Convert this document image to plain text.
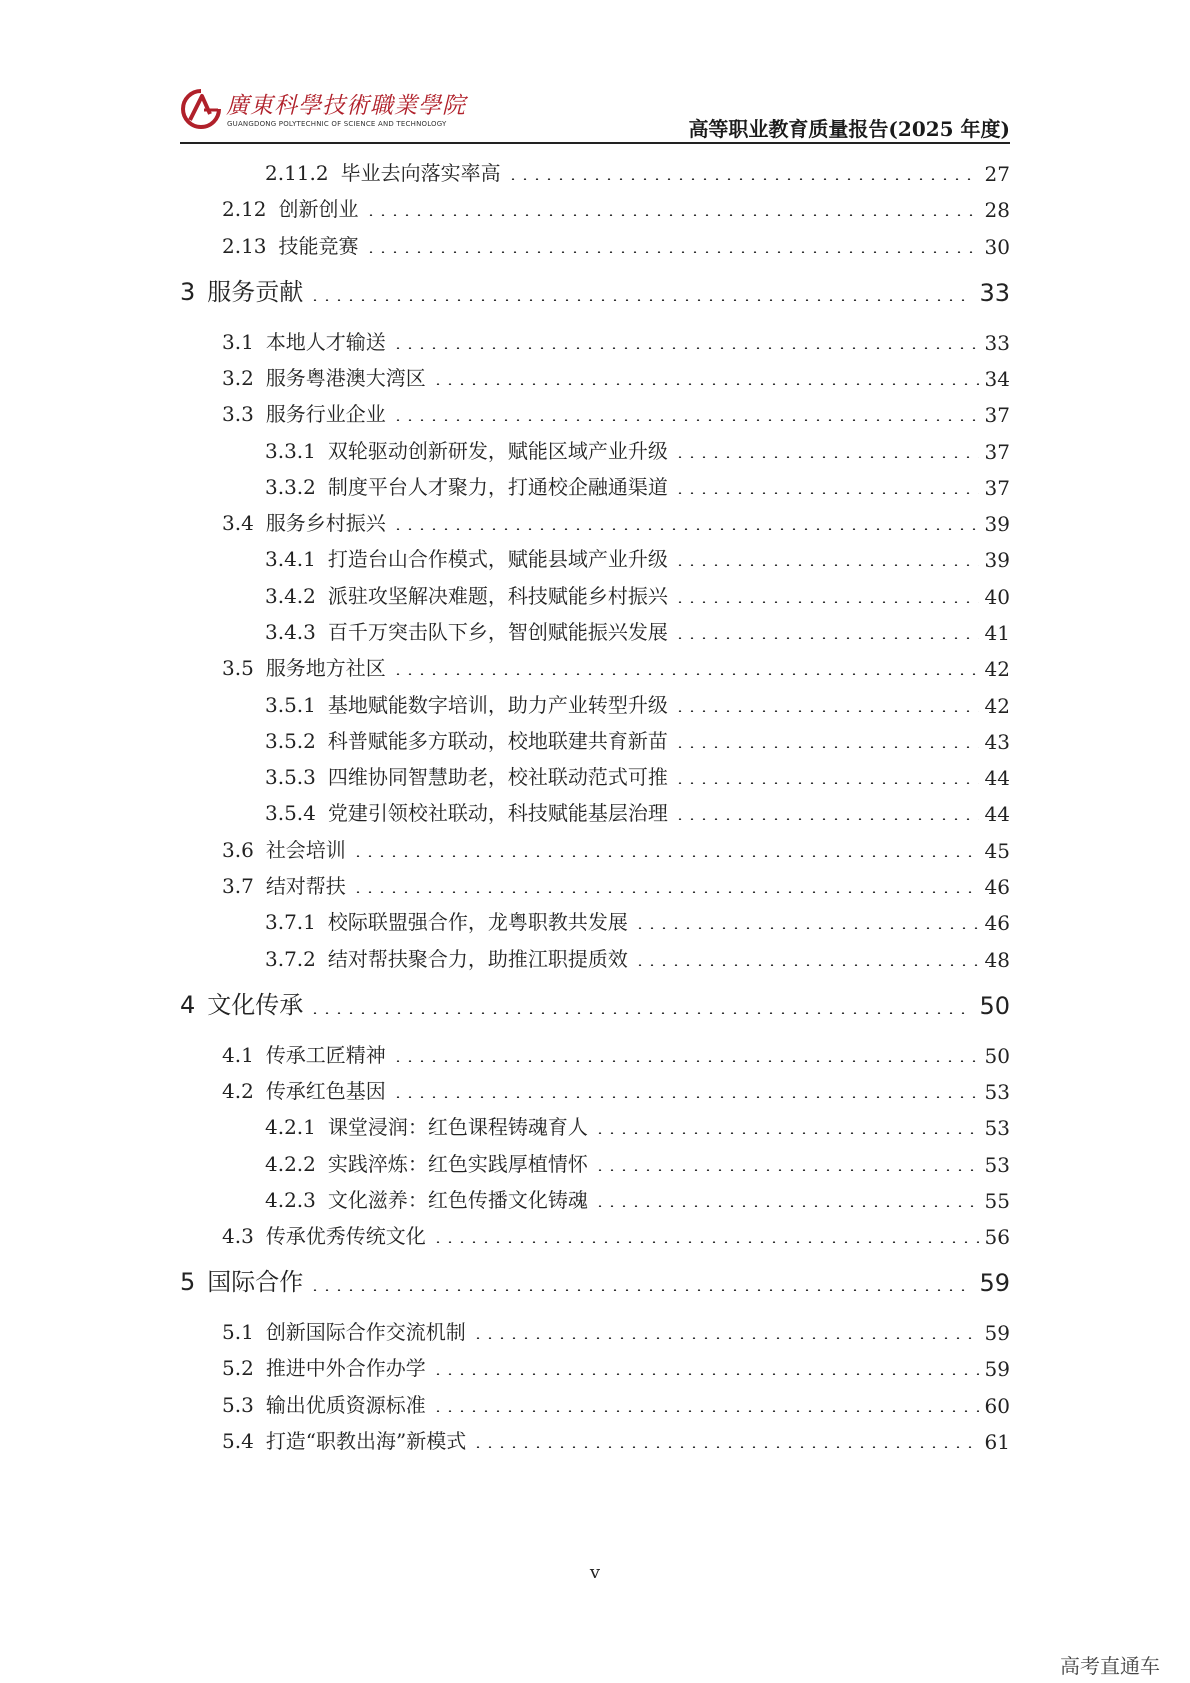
廣東科學技術職業學院
GUANGDONG POLYTECHNIC OF SCIENCE AND TECHNOLOGY	高等职业教育质量报告(2025 年度)
2.11.2 毕业去向落实率高	27
2.12 创新创业	28
2.13 技能竞赛	30
3 服务贡献	33
3.1 本地人才输送	33
3.2 服务粤港澳大湾区	34
3.3 服务行业企业	37
3.3.1 双轮驱动创新研发，赋能区域产业升级	37
3.3.2 制度平台人才聚力，打通校企融通渠道	37
3.4 服务乡村振兴	39
3.4.1 打造台山合作模式，赋能县域产业升级	39
3.4.2 派驻攻坚解决难题，科技赋能乡村振兴	40
3.4.3 百千万突击队下乡，智创赋能振兴发展	41
3.5 服务地方社区	42
3.5.1 基地赋能数字培训，助力产业转型升级	42
3.5.2 科普赋能多方联动，校地联建共育新苗	43
3.5.3 四维协同智慧助老，校社联动范式可推	44
3.5.4 党建引领校社联动，科技赋能基层治理	44
3.6 社会培训	45
3.7 结对帮扶	46
3.7.1 校际联盟强合作，龙粤职教共发展	46
3.7.2 结对帮扶聚合力，助推江职提质效	48
4 文化传承	50
4.1 传承工匠精神	50
4.2 传承红色基因	53
4.2.1 课堂浸润：红色课程铸魂育人	53
4.2.2 实践淬炼：红色实践厚植情怀	53
4.2.3 文化滋养：红色传播文化铸魂	55
4.3 传承优秀传统文化	56
5 国际合作	59
5.1 创新国际合作交流机制	59
5.2 推进中外合作办学	59
5.3 输出优质资源标准	60
5.4 打造“职教出海”新模式	61
v
高考直通车
